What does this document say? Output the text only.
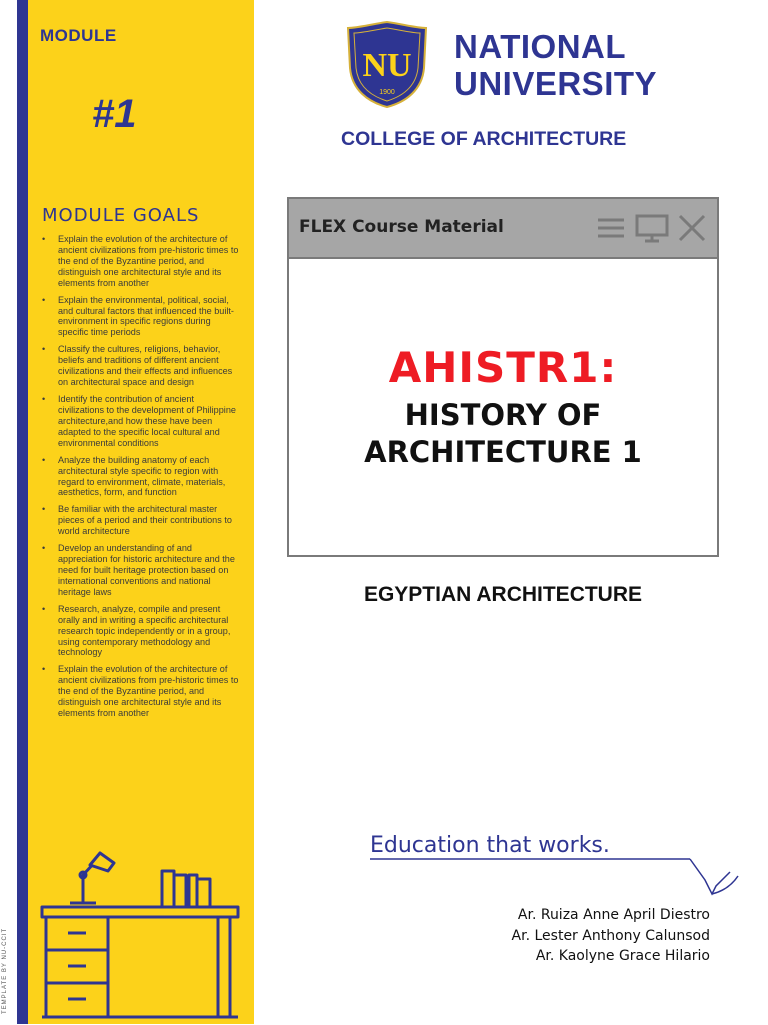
MODULE
#1
MODULE GOALS
• Explain the evolution of the architecture of ancient civilizations from pre-historic times to the end of the Byzantine period, and distinguish one architectural style and its elements from another
• Explain the environmental, political, social, and cultural factors that influenced the built-environment in specific regions during specific time periods
• Classify the cultures, religions, behavior, beliefs and traditions of different ancient civilizations and their effects and influences on architectural space and design
• Identify the contribution of ancient civilizations to the development of Philippine architecture,and how these have been adapted to the specific local cultural and environmental conditions
• Analyze the building anatomy of each architectural style specific to region with regard to environment, climate, materials, aesthetics, form, and function
• Be familiar with the architectural master pieces of a period and their contributions to world architecture
• Develop an understanding of and appreciation for historic architecture and the need for built heritage protection based on international conventions and national heritage laws
• Research, analyze, compile and present orally and in writing a specific architectural research topic independently or in a group, using contemporary methodology and technology
• Explain the evolution of the architecture of ancient civilizations from pre-historic times to the end of the Byzantine period, and distinguish one architectural style and its elements from another
TEMPLATE BY NU-CCIT
NU
1900
NATIONAL
UNIVERSITY
COLLEGE OF ARCHITECTURE
FLEX Course Material

AHISTR1:
HISTORY OF
ARCHITECTURE 1
EGYPTIAN ARCHITECTURE
Education that works.
Ar. Ruiza Anne April Diestro
Ar. Lester Anthony Calunsod
Ar. Kaolyne Grace Hilario
